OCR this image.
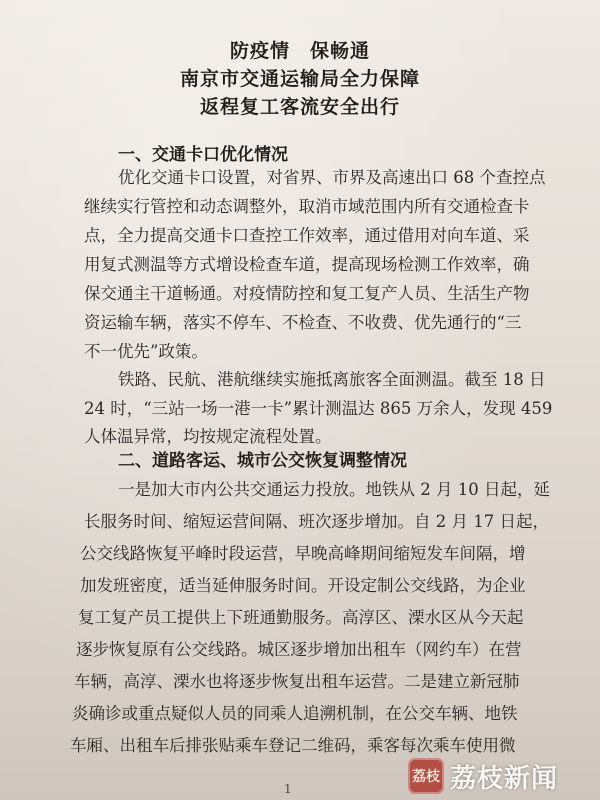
防疫情　保畅通
南京市交通运输局全力保障
返程复工客流安全出行
一、交通卡口优化情况
优化交通卡口设置，对省界、市界及高速出口 68 个查控点
继续实行管控和动态调整外，取消市域范围内所有交通检查卡
点，全力提高交通卡口查控工作效率，通过借用对向车道、采
用复式测温等方式增设检查车道，提高现场检测工作效率，确
保交通主干道畅通。对疫情防控和复工复产人员、生活生产物
资运输车辆，落实不停车、不检查、不收费、优先通行的“三
不一优先”政策。
铁路、民航、港航继续实施抵离旅客全面测温。截至 18 日
24 时，“三站一场一港一卡”累计测温达 865 万余人，发现 459
人体温异常，均按规定流程处置。
二、道路客运、城市公交恢复调整情况
一是加大市内公共交通运力投放。地铁从 2 月 10 日起，延
长服务时间、缩短运营间隔、班次逐步增加。自 2 月 17 日起，
公交线路恢复平峰时段运营，早晚高峰期间缩短发车间隔，增
加发班密度，适当延伸服务时间。开设定制公交线路，为企业
复工复产员工提供上下班通勤服务。高淳区、溧水区从今天起
逐步恢复原有公交线路。城区逐步增加出租车（网约车）在营
车辆，高淳、溧水也将逐步恢复出租车运营。二是建立新冠肺
炎确诊或重点疑似人员的同乘人追溯机制，在公交车辆、地铁
车厢、出租车后排张贴乘车登记二维码，乘客每次乘车使用微
1
荔枝 荔枝新闻
